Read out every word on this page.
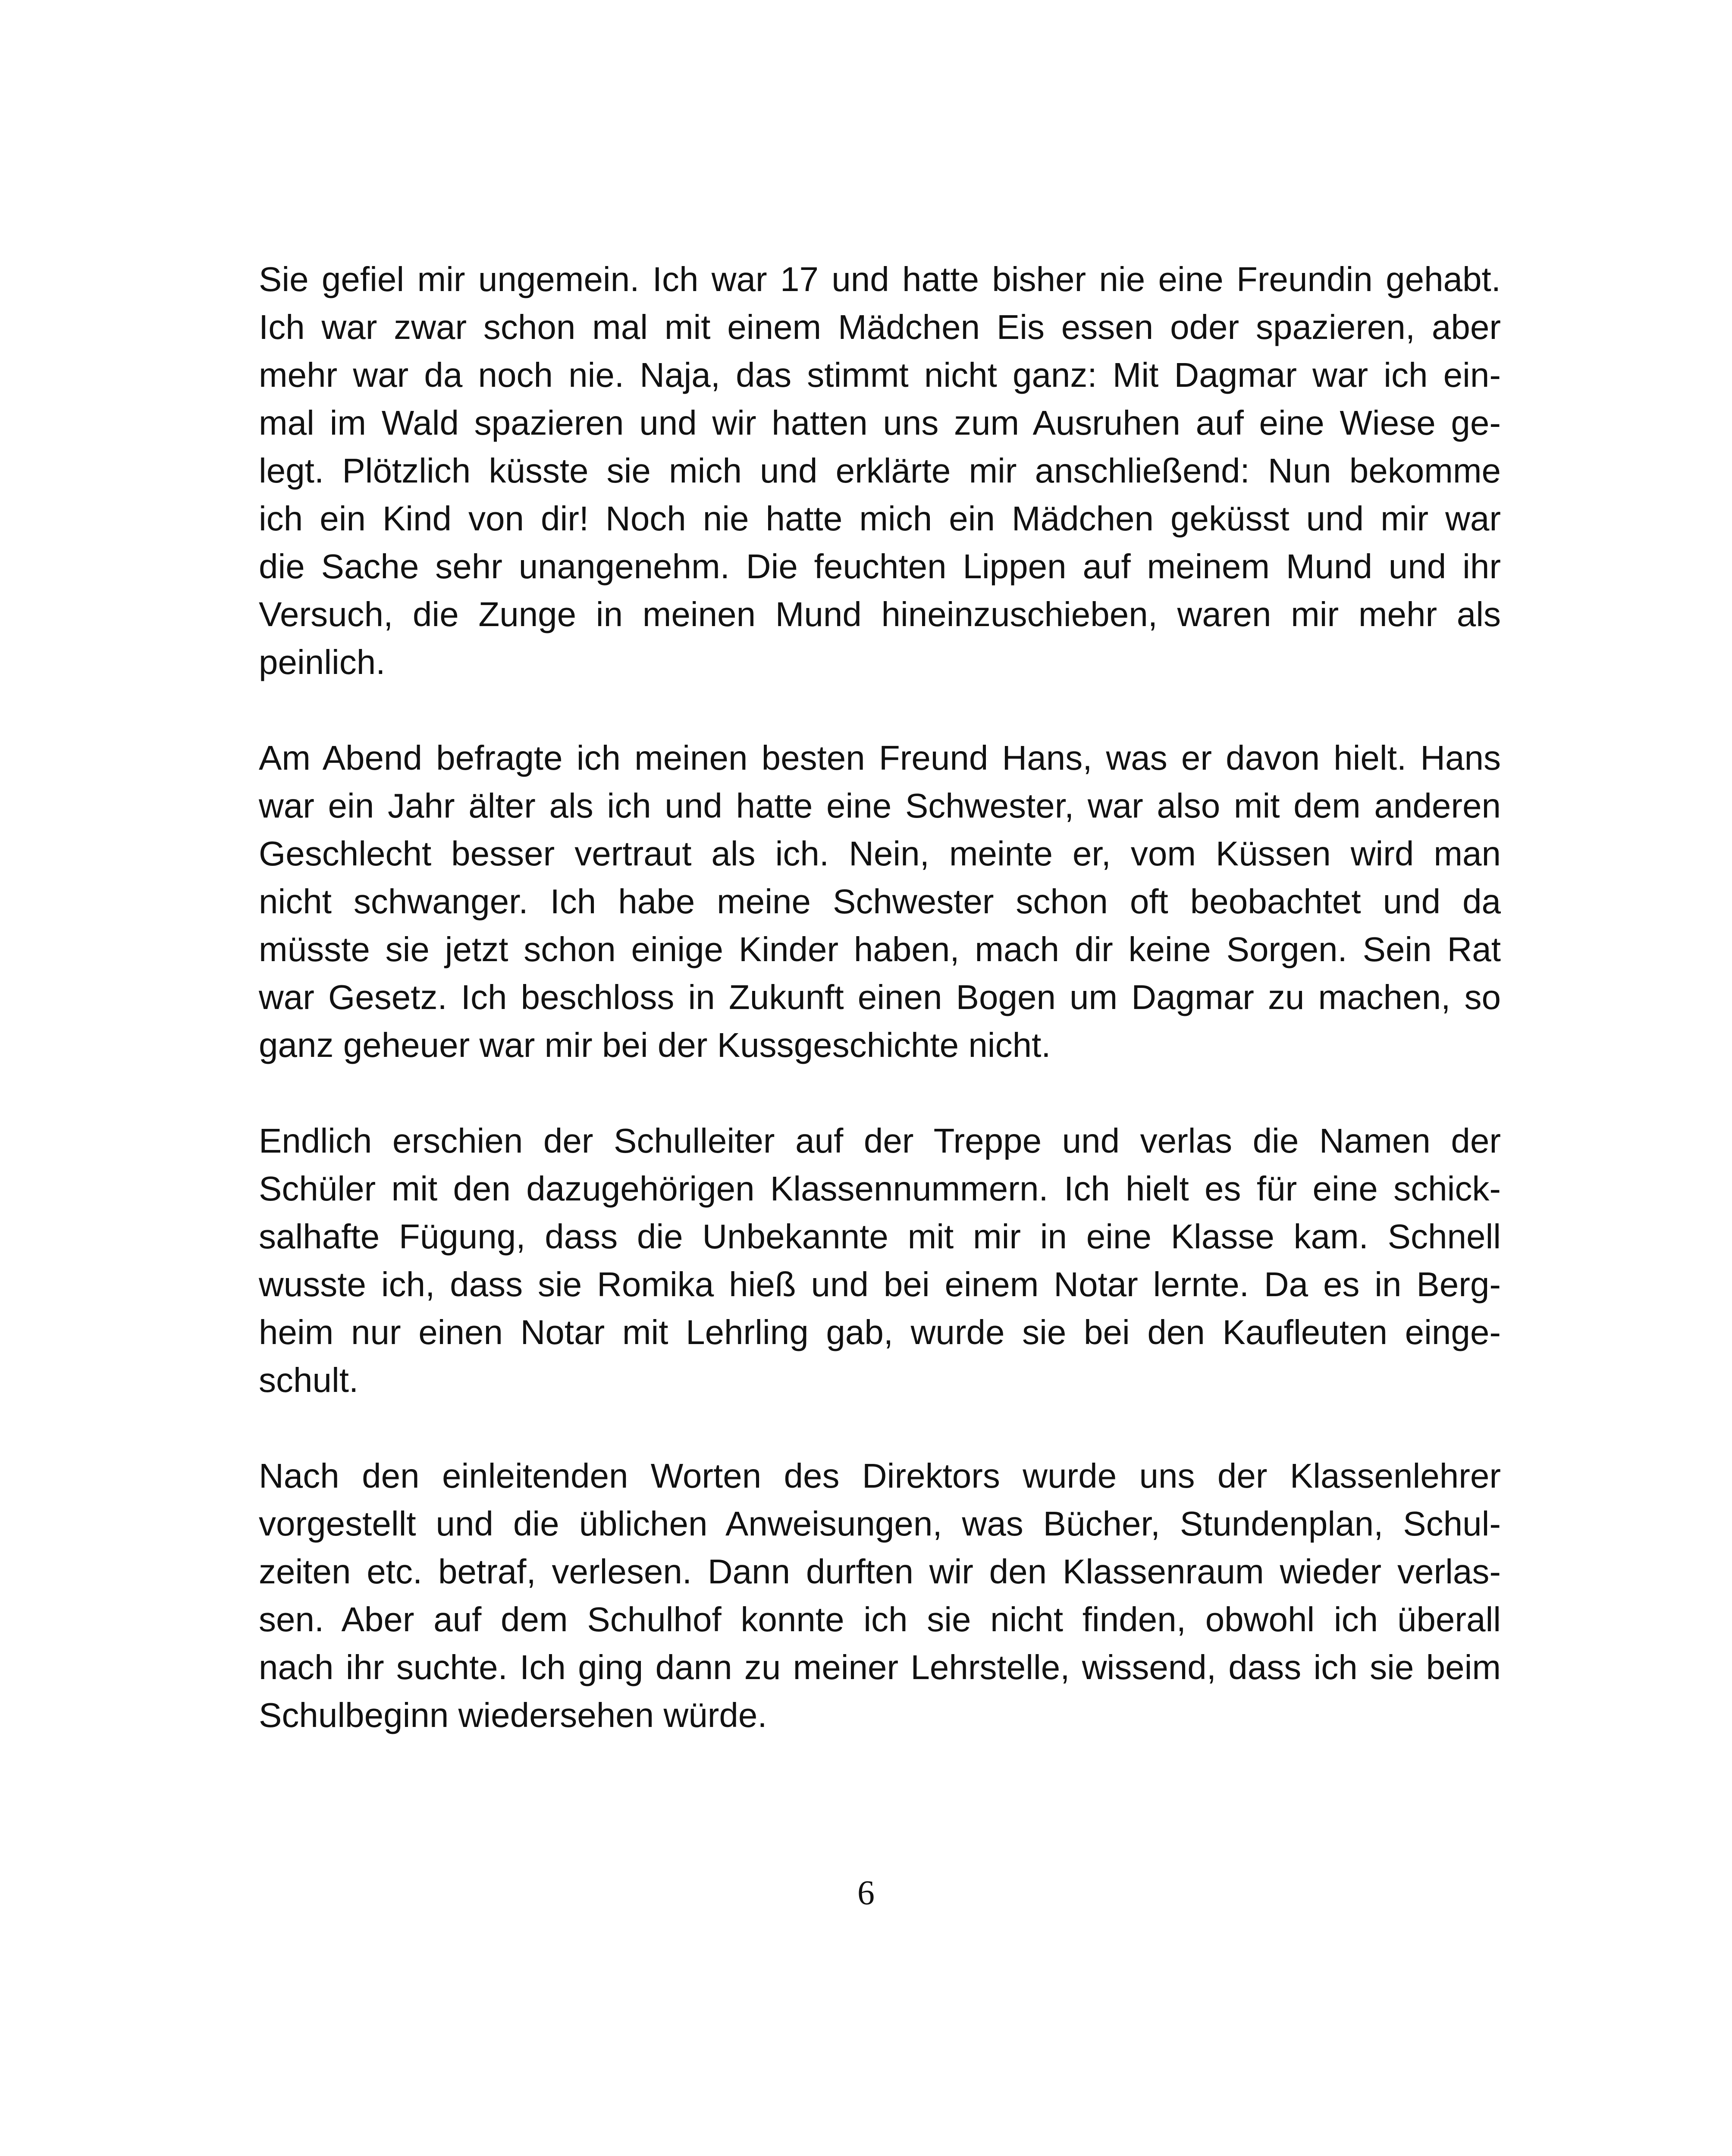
Sie gefiel mir ungemein. Ich war 17 und hatte bisher nie eine Freundin gehabt.
Ich war zwar schon mal mit einem Mädchen Eis essen oder spazieren, aber
mehr war da noch nie. Naja, das stimmt nicht ganz: Mit Dagmar war ich ein-
mal im Wald spazieren und wir hatten uns zum Ausruhen auf eine Wiese ge-
legt. Plötzlich küsste sie mich und erklärte mir anschließend: Nun bekomme
ich ein Kind von dir! Noch nie hatte mich ein Mädchen geküsst und mir war
die Sache sehr unangenehm. Die feuchten Lippen auf meinem Mund und ihr
Versuch, die Zunge in meinen Mund hineinzuschieben, waren mir mehr als
peinlich.

Am Abend befragte ich meinen besten Freund Hans, was er davon hielt. Hans
war ein Jahr älter als ich und hatte eine Schwester, war also mit dem anderen
Geschlecht besser vertraut als ich. Nein, meinte er, vom Küssen wird man
nicht schwanger. Ich habe meine Schwester schon oft beobachtet und da
müsste sie jetzt schon einige Kinder haben, mach dir keine Sorgen. Sein Rat
war Gesetz. Ich beschloss in Zukunft einen Bogen um Dagmar zu machen, so
ganz geheuer war mir bei der Kussgeschichte nicht.

Endlich erschien der Schulleiter auf der Treppe und verlas die Namen der
Schüler mit den dazugehörigen Klassennummern. Ich hielt es für eine schick-
salhafte Fügung, dass die Unbekannte mit mir in eine Klasse kam. Schnell
wusste ich, dass sie Romika hieß und bei einem Notar lernte. Da es in Berg-
heim nur einen Notar mit Lehrling gab, wurde sie bei den Kaufleuten einge-
schult.

Nach den einleitenden Worten des Direktors wurde uns der Klassenlehrer
vorgestellt und die üblichen Anweisungen, was Bücher, Stundenplan, Schul-
zeiten etc. betraf, verlesen. Dann durften wir den Klassenraum wieder verlas-
sen. Aber auf dem Schulhof konnte ich sie nicht finden, obwohl ich überall
nach ihr suchte. Ich ging dann zu meiner Lehrstelle, wissend, dass ich sie beim
Schulbeginn wiedersehen würde.

6
